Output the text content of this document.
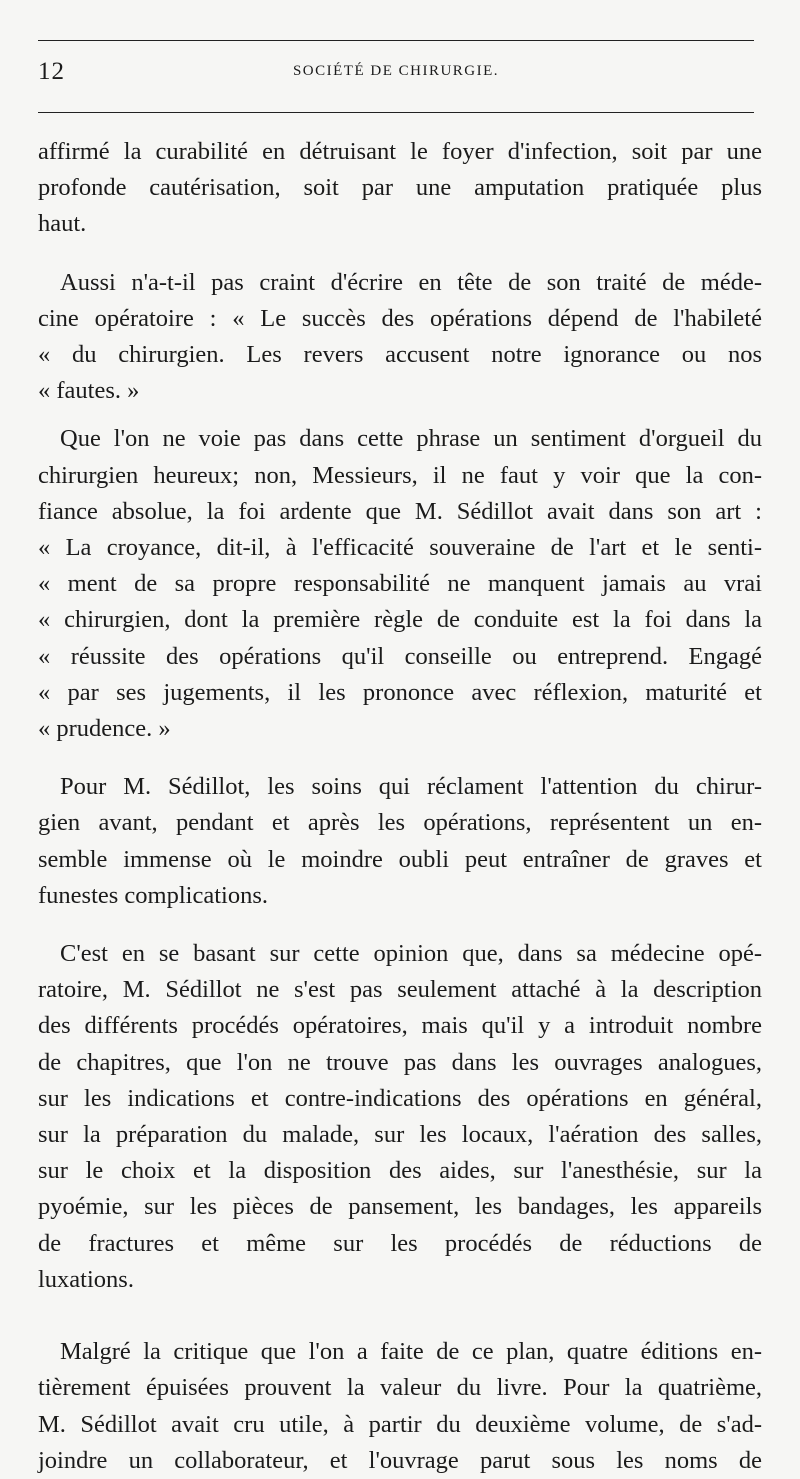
12	SOCIÉTÉ DE CHIRURGIE.

affirmé la curabilité en détruisant le foyer d'infection, soit par une
profonde cautérisation, soit par une amputation pratiquée plus
haut.

Aussi n'a-t-il pas craint d'écrire en tête de son traité de méde-
cine opératoire : « Le succès des opérations dépend de l'habileté
« du chirurgien. Les revers accusent notre ignorance ou nos
« fautes. »

Que l'on ne voie pas dans cette phrase un sentiment d'orgueil du
chirurgien heureux; non, Messieurs, il ne faut y voir que la con-
fiance absolue, la foi ardente que M. Sédillot avait dans son art :
« La croyance, dit-il, à l'efficacité souveraine de l'art et le senti-
« ment de sa propre responsabilité ne manquent jamais au vrai
« chirurgien, dont la première règle de conduite est la foi dans la
« réussite des opérations qu'il conseille ou entreprend. Engagé
« par ses jugements, il les prononce avec réflexion, maturité et
« prudence. »

Pour M. Sédillot, les soins qui réclament l'attention du chirur-
gien avant, pendant et après les opérations, représentent un en-
semble immense où le moindre oubli peut entraîner de graves et
funestes complications.

C'est en se basant sur cette opinion que, dans sa médecine opé-
ratoire, M. Sédillot ne s'est pas seulement attaché à la description
des différents procédés opératoires, mais qu'il y a introduit nombre
de chapitres, que l'on ne trouve pas dans les ouvrages analogues,
sur les indications et contre-indications des opérations en général,
sur la préparation du malade, sur les locaux, l'aération des salles,
sur le choix et la disposition des aides, sur l'anesthésie, sur la
pyoémie, sur les pièces de pansement, les bandages, les appareils
de fractures et même sur les procédés de réductions de
luxations.

Malgré la critique que l'on a faite de ce plan, quatre éditions en-
tièrement épuisées prouvent la valeur du livre. Pour la quatrième,
M. Sédillot avait cru utile, à partir du deuxième volume, de s'ad-
joindre un collaborateur, et l'ouvrage parut sous les noms de
